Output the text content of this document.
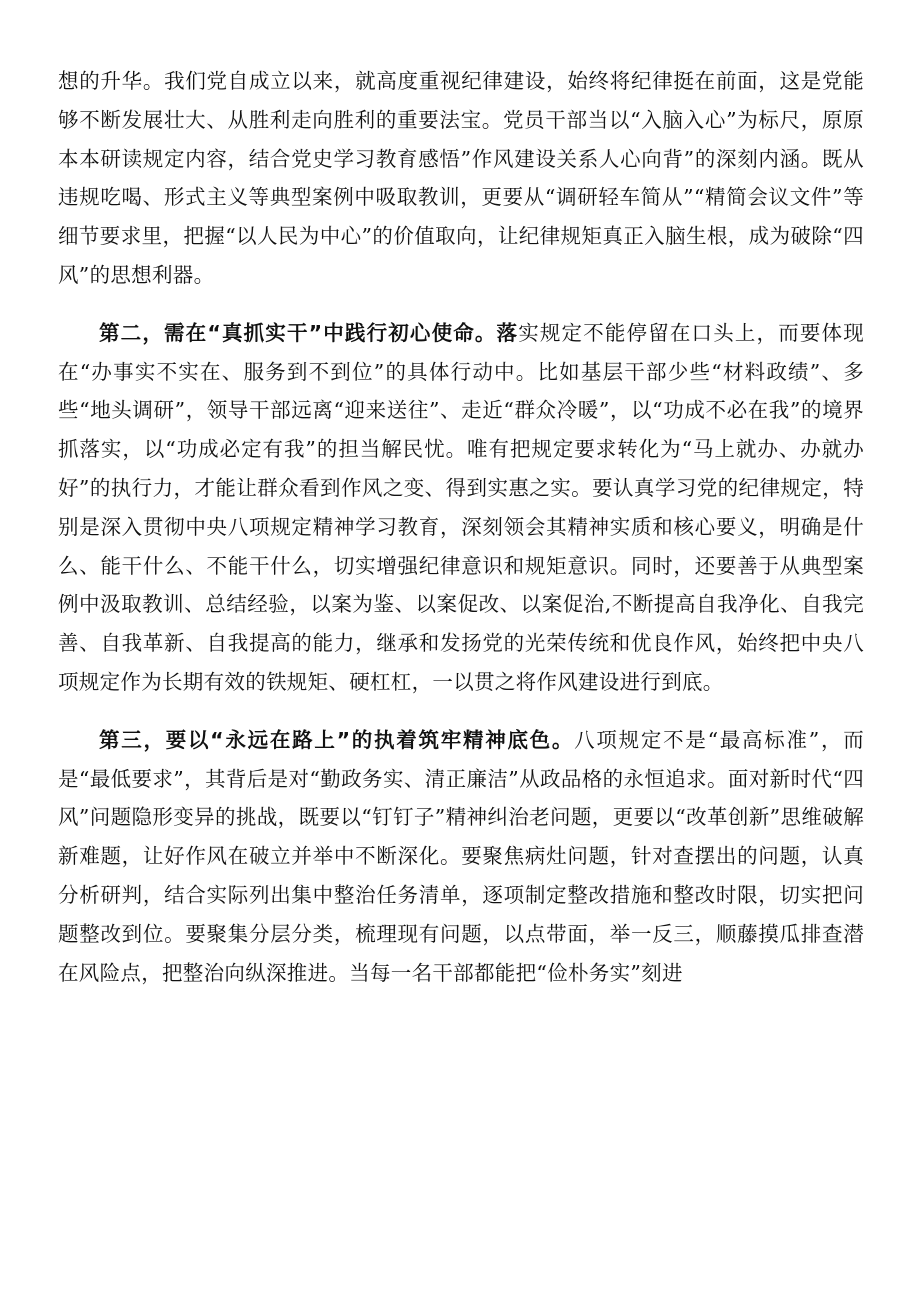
想的升华。我们党自成立以来，就高度重视纪律建设，始终将纪律挺在前面，这是党能够不断发展壮大、从胜利走向胜利的重要法宝。党员干部当以“入脑入心”为标尺，原原本本研读规定内容，结合党史学习教育感悟”作风建设关系人心向背”的深刻内涵。既从违规吃喝、形式主义等典型案例中吸取教训，更要从“调研轻车简从”“精简会议文件”等细节要求里，把握“以人民为中心”的价值取向，让纪律规矩真正入脑生根，成为破除“四风”的思想利器。

第二，需在“真抓实干”中践行初心使命。落实规定不能停留在口头上，而要体现在“办事实不实在、服务到不到位”的具体行动中。比如基层干部少些“材料政绩”、多些“地头调研”，领导干部远离“迎来送往”、走近“群众冷暖”，以“功成不必在我”的境界抓落实，以“功成必定有我”的担当解民忧。唯有把规定要求转化为“马上就办、办就办好”的执行力，才能让群众看到作风之变、得到实惠之实。要认真学习党的纪律规定，特别是深入贯彻中央八项规定精神学习教育，深刻领会其精神实质和核心要义，明确是什么、能干什么、不能干什么，切实增强纪律意识和规矩意识。同时，还要善于从典型案例中汲取教训、总结经验，以案为鉴、以案促改、以案促治,不断提高自我净化、自我完善、自我革新、自我提高的能力，继承和发扬党的光荣传统和优良作风，始终把中央八项规定作为长期有效的铁规矩、硬杠杠，一以贯之将作风建设进行到底。

第三，要以“永远在路上”的执着筑牢精神底色。八项规定不是“最高标准”，而是“最低要求”，其背后是对“勤政务实、清正廉洁”从政品格的永恒追求。面对新时代“四风”问题隐形变异的挑战，既要以“钉钉子”精神纠治老问题，更要以“改革创新”思维破解新难题，让好作风在破立并举中不断深化。要聚焦病灶问题，针对查摆出的问题，认真分析研判，结合实际列出集中整治任务清单，逐项制定整改措施和整改时限，切实把问题整改到位。要聚集分层分类，梳理现有问题，以点带面，举一反三，顺藤摸瓜排查潜在风险点，把整治向纵深推进。当每一名干部都能把“俭朴务实”刻进
